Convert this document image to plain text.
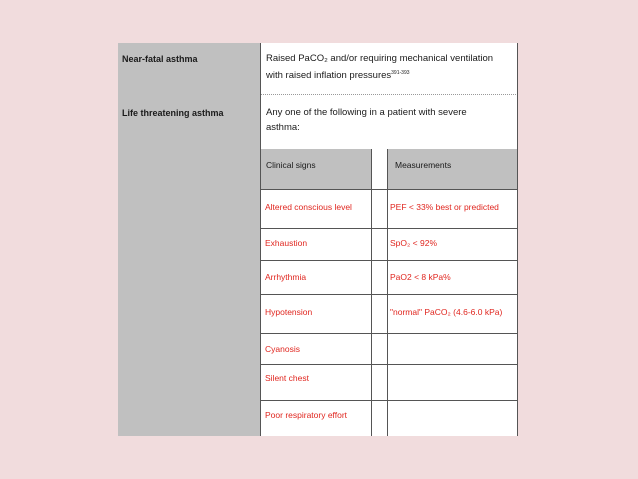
Near-fatal asthma
Life threatening asthma
Raised PaCO₂ and/or requiring mechanical ventilation
with raised inflation pressures$^{391-393}$
Any one of the following in a patient with severe
asthma:
Clinical signs	Measurements
Altered conscious level
Exhaustion
Arrhythmia
Hypotension
Cyanosis
Silent chest
Poor respiratory effort
PEF < 33% best or predicted
SpO₂ < 92%
PaO2 < 8 kPa%
"normal" PaCO₂ (4.6-6.0 kPa)
